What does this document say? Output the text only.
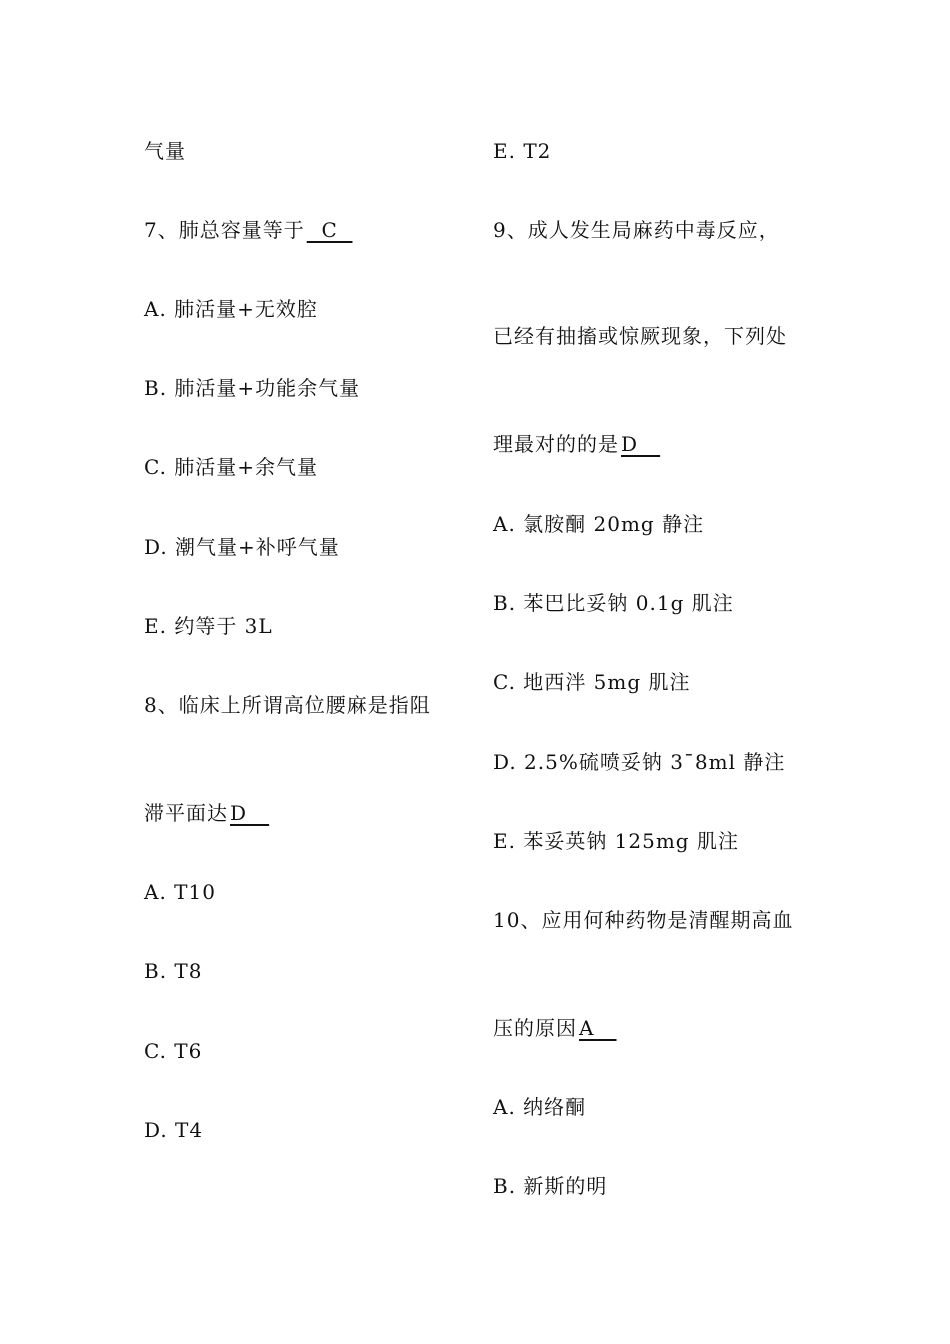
气量
7、肺总容量等于  C
A. 肺活量+无效腔
B. 肺活量+功能余气量
C. 肺活量+余气量
D. 潮气量+补呼气量
E. 约等于 3L
8、临床上所谓高位腰麻是指阻
滞平面达 D
A. T10
B. T8
C. T6
D. T4
E. T2
9、成人发生局麻药中毒反应，
已经有抽搐或惊厥现象，下列处
理最对的的是 D
A. 氯胺酮 20mg 静注
B. 苯巴比妥钠 0.1g 肌注
C. 地西泮 5mg 肌注
D. 2.5%硫喷妥钠 3¯8ml 静注
E. 苯妥英钠 125mg 肌注
10、应用何种药物是清醒期高血
压的原因 A
A. 纳络酮
B. 新斯的明
